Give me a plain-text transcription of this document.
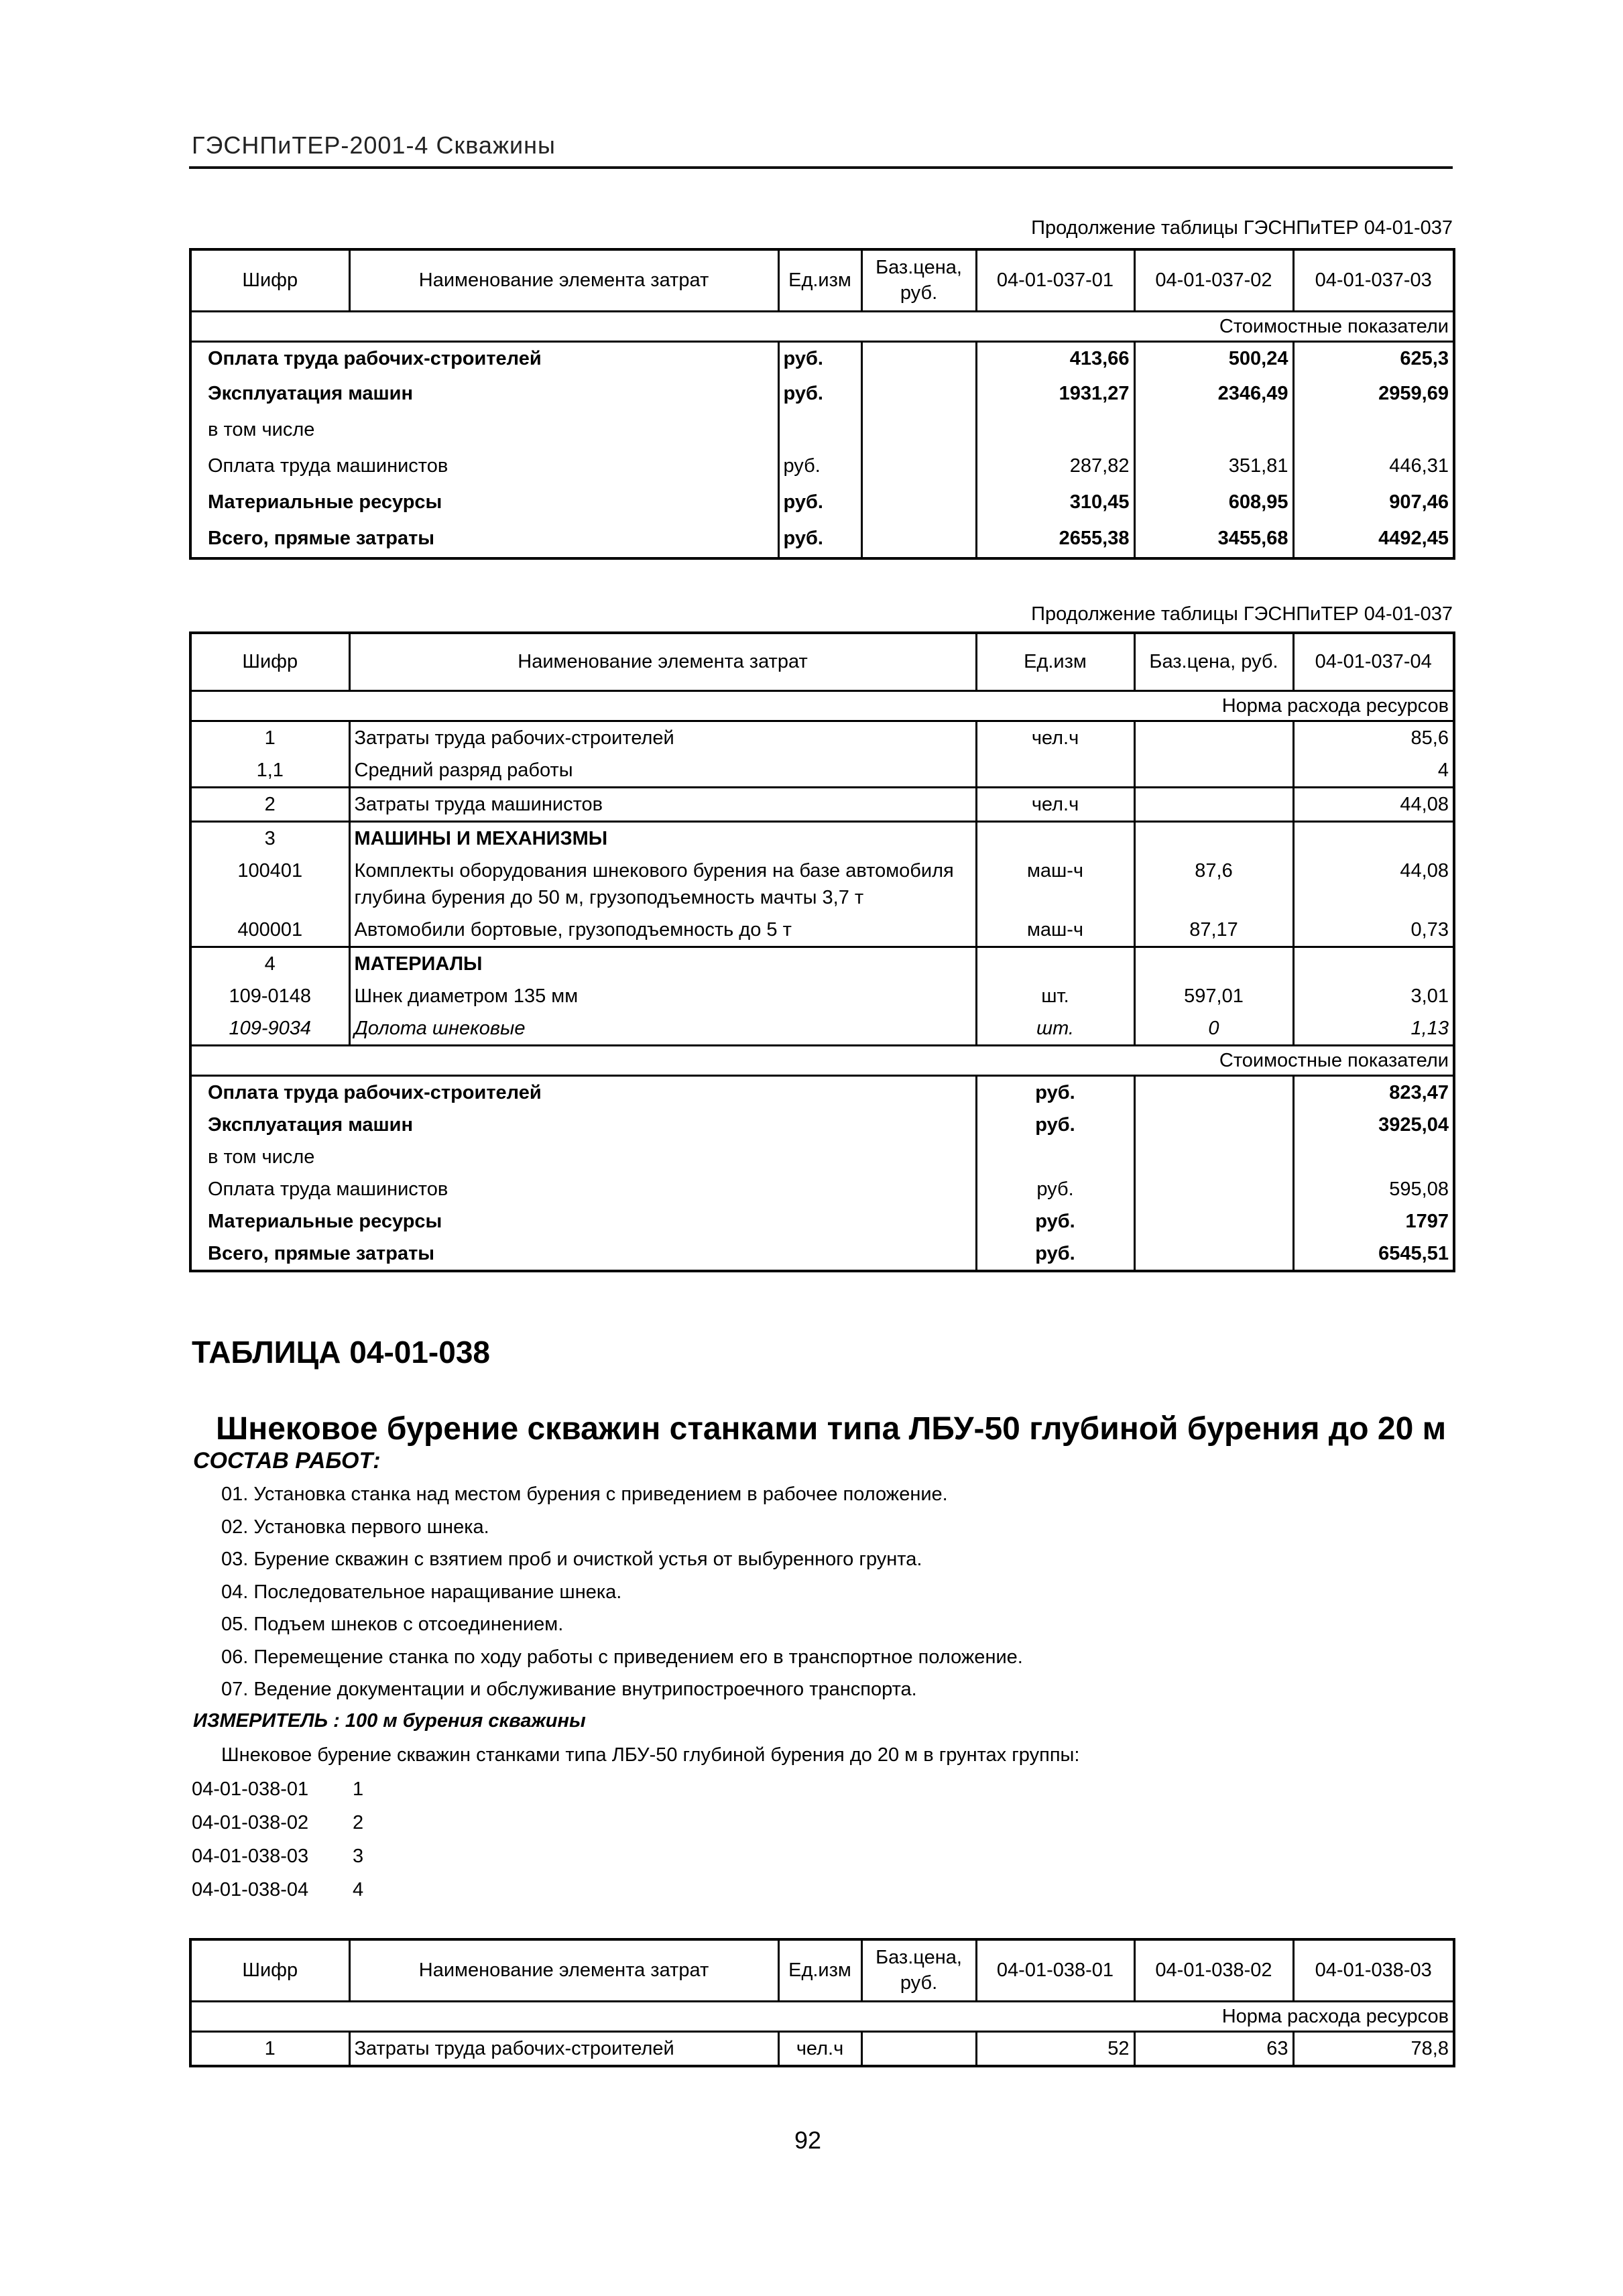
ГЭСНПиТЕР-2001-4 Скважины
Продолжение таблицы ГЭСНПиТЕР 04-01-037
Шифр	Наименование элемента затрат	Ед.изм	Баз.цена, руб.	04-01-037-01	04-01-037-02	04-01-037-03
Стоимостные показатели						
Оплата труда рабочих-строителей		руб.		413,66	500,24	625,3
Эксплуатация машин		руб.		1931,27	2346,49	2959,69
в том числе						
Оплата труда машинистов		руб.		287,82	351,81	446,31
Материальные ресурсы		руб.		310,45	608,95	907,46
Всего, прямые затраты		руб.		2655,38	3455,68	4492,45
Продолжение таблицы ГЭСНПиТЕР 04-01-037
Шифр	Наименование элемента затрат	Ед.изм	Баз.цена, руб.	04-01-037-04
Норма расхода ресурсов				
1	Затраты труда рабочих-строителей	чел.ч		85,6
1,1	Средний разряд работы			4
2	Затраты труда машинистов	чел.ч		44,08
3	МАШИНЫ И МЕХАНИЗМЫ			
100401	Комплекты оборудования шнекового бурения на базе автомобиля глубина бурения до 50 м, грузоподъемность мачты 3,7 т	маш-ч	87,6	44,08
400001	Автомобили бортовые, грузоподъемность до 5 т	маш-ч	87,17	0,73
4	МАТЕРИАЛЫ			
109-0148	Шнек диаметром 135 мм	шт.	597,01	3,01
109-9034	Долота шнековые	шт.	0	1,13
Стоимостные показатели				
Оплата труда рабочих-строителей		руб.		823,47
Эксплуатация машин		руб.		3925,04
в том числе				
Оплата труда машинистов		руб.		595,08
Материальные ресурсы		руб.		1797
Всего, прямые затраты		руб.		6545,51
ТАБЛИЦА 04-01-038
Шнековое бурение скважин станками типа ЛБУ-50 глубиной бурения до 20 м
СОСТАВ РАБОТ:
01. Установка станка над местом бурения с приведением в рабочее положение.
02. Установка первого шнека.
03. Бурение скважин с взятием проб и очисткой устья от выбуренного грунта.
04. Последовательное наращивание шнека.
05. Подъем шнеков с отсоединением.
06. Перемещение станка по ходу работы с приведением его в транспортное положение.
07. Ведение документации и обслуживание внутрипостроечного транспорта.
ИЗМЕРИТЕЛЬ : 100 м бурения скважины
Шнековое бурение скважин станками типа ЛБУ-50 глубиной бурения до 20 м в грунтах группы:
04-01-038-01 1
04-01-038-02 2
04-01-038-03 3
04-01-038-04 4
Шифр	Наименование элемента затрат	Ед.изм	Баз.цена, руб.	04-01-038-01	04-01-038-02	04-01-038-03
Норма расхода ресурсов						
1	Затраты труда рабочих-строителей	чел.ч		52	63	78,8
92
